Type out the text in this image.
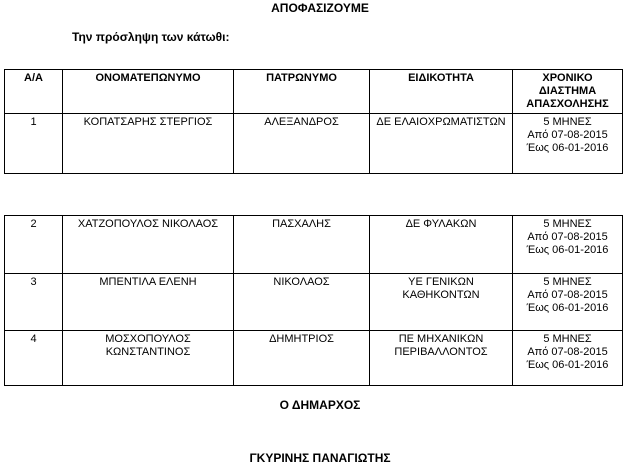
ΑΠΟΦΑΣΙΖΟΥΜΕ
Την πρόσληψη των κάτωθι:
Α/Α	ΟΝΟΜΑΤΕΠΩΝΥΜΟ	ΠΑΤΡΩΝΥΜΟ	ΕΙΔΙΚΟΤΗΤΑ	ΧΡΟΝΙΚΟ
ΔΙΑΣΤΗΜΑ
ΑΠΑΣΧΟΛΗΣΗΣ

1	ΚΟΠΑΤΣΑΡΗΣ ΣΤΕΡΓΙΟΣ	ΑΛΕΞΑΝΔΡΟΣ	ΔΕ ΕΛΑΙΟΧΡΩΜΑΤΙΣΤΩΝ	5 ΜΗΝΕΣ
Από 07-08-2015
Έως 06-01-2016
2	ΧΑΤΖΟΠΟΥΛΟΣ ΝΙΚΟΛΑΟΣ	ΠΑΣΧΑΛΗΣ	ΔΕ ΦΥΛΑΚΩΝ	5 ΜΗΝΕΣ
Από 07-08-2015
Έως 06-01-2016

3	ΜΠΕΝΤΙΛΑ ΕΛΕΝΗ	ΝΙΚΟΛΑΟΣ	ΥΕ ΓΕΝΙΚΩΝ
ΚΑΘΗΚΟΝΤΩΝ	5 ΜΗΝΕΣ
Από 07-08-2015
Έως 06-01-2016

4	ΜΟΣΧΟΠΟΥΛΟΣ
ΚΩΝΣΤΑΝΤΙΝΟΣ	ΔΗΜΗΤΡΙΟΣ	ΠΕ ΜΗΧΑΝΙΚΩΝ
ΠΕΡΙΒΑΛΛΟΝΤΟΣ	5 ΜΗΝΕΣ
Από 07-08-2015
Έως 06-01-2016
Ο ΔΗΜΑΡΧΟΣ
ΓΚΥΡΙΝΗΣ ΠΑΝΑΓΙΩΤΗΣ
